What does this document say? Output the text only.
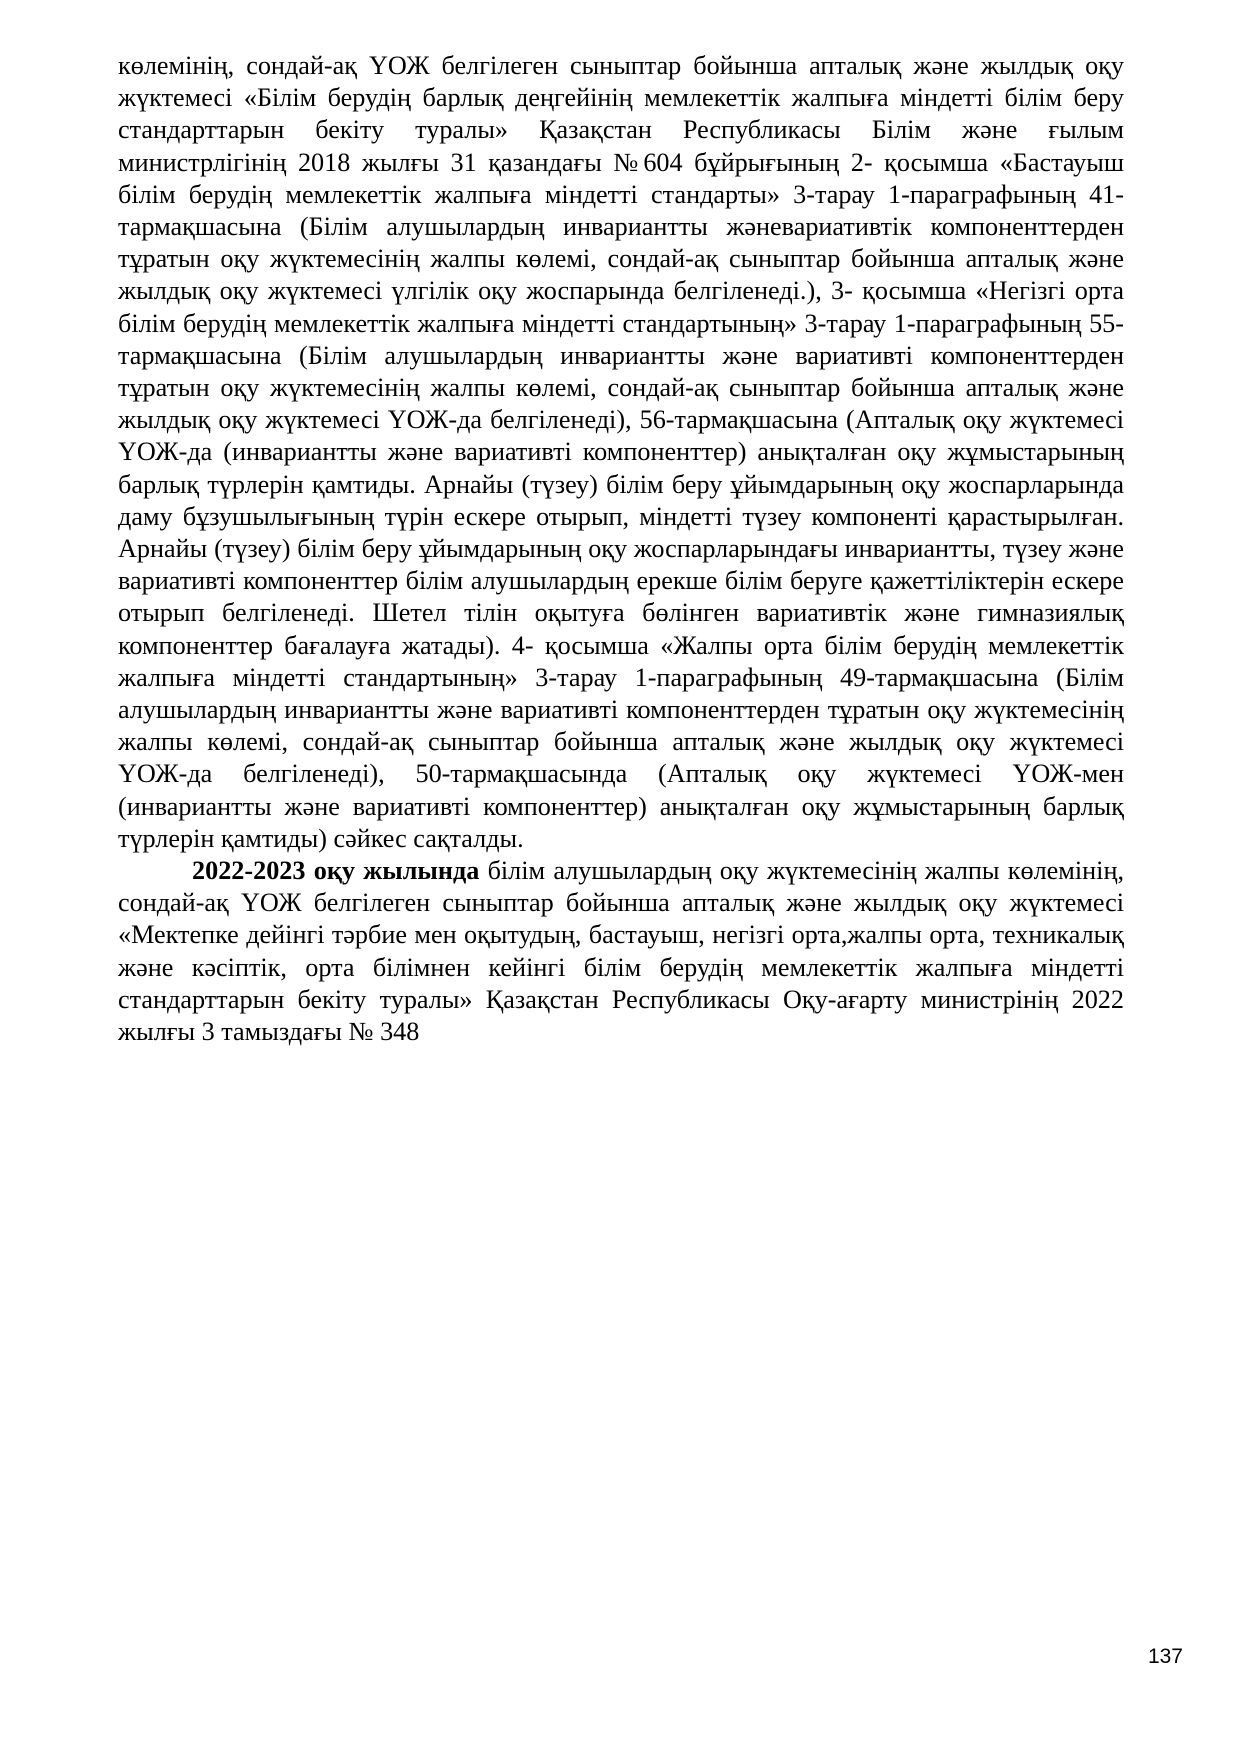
көлемінің, сондай-ақ ҮОЖ белгілеген сыныптар бойынша апталық және жылдық оқу жүктемесі «Білім берудің барлық деңгейінің мемлекеттік жалпыға міндетті білім беру стандарттарын бекіту туралы» Қазақстан Республикасы Білім және ғылым министрлігінің 2018 жылғы 31 қазандағы №604 бұйрығының 2- қосымша «Бастауыш білім берудің мемлекеттік жалпыға міндетті стандарты» 3-тарау 1-параграфының 41-тармақшасына (Білім алушылардың инвариантты жәневариативтік компоненттерден тұратын оқу жүктемесінің жалпы көлемі, сондай-ақ сыныптар бойынша апталық және жылдық оқу жүктемесі үлгілік оқу жоспарында белгіленеді.), 3- қосымша «Негізгі орта білім берудің мемлекеттік жалпыға міндетті стандартының» 3-тарау 1-параграфының 55-тармақшасына (Білім алушылардың инвариантты және вариативті компоненттерден тұратын оқу жүктемесінің жалпы көлемі, сондай-ақ сыныптар бойынша апталық және жылдық оқу жүктемесі ҮОЖ-да белгіленеді), 56-тармақшасына (Апталық оқу жүктемесі ҮОЖ-да (инвариантты және вариативті компоненттер) анықталған оқу жұмыстарының барлық түрлерін қамтиды. Арнайы (түзеу) білім беру ұйымдарының оқу жоспарларында даму бұзушылығының түрін ескере отырып, міндетті түзеу компоненті қарастырылған. Арнайы (түзеу) білім беру ұйымдарының оқу жоспарларындағы инвариантты, түзеу және вариативті компоненттер білім алушылардың ерекше білім беруге қажеттіліктерін ескере отырып белгіленеді. Шетел тілін оқытуға бөлінген вариативтік және гимназиялық компоненттер бағалауға жатады). 4- қосымша «Жалпы орта білім берудің мемлекеттік жалпыға міндетті стандартының» 3-тарау 1-параграфының 49-тармақшасына (Білім алушылардың инвариантты және вариативті компоненттерден тұратын оқу жүктемесінің жалпы көлемі, сондай-ақ сыныптар бойынша апталық және жылдық оқу жүктемесі ҮОЖ-да белгіленеді), 50-тармақшасында (Апталық оқу жүктемесі ҮОЖ-мен (инвариантты және вариативті компоненттер) анықталған оқу жұмыстарының барлық түрлерін қамтиды) сәйкес сақталды.

2022-2023 оқу жылында білім алушылардың оқу жүктемесінің жалпы көлемінің, сондай-ақ ҮОЖ белгілеген сыныптар бойынша апталық және жылдық оқу жүктемесі «Мектепке дейінгі тәрбие мен оқытудың, бастауыш, негізгі орта,жалпы орта, техникалық және кәсіптік, орта білімнен кейінгі білім берудің мемлекеттік жалпыға міндетті стандарттарын бекіту туралы» Қазақстан Республикасы Оқу-ағарту министрінің 2022 жылғы 3 тамыздағы № 348

137
